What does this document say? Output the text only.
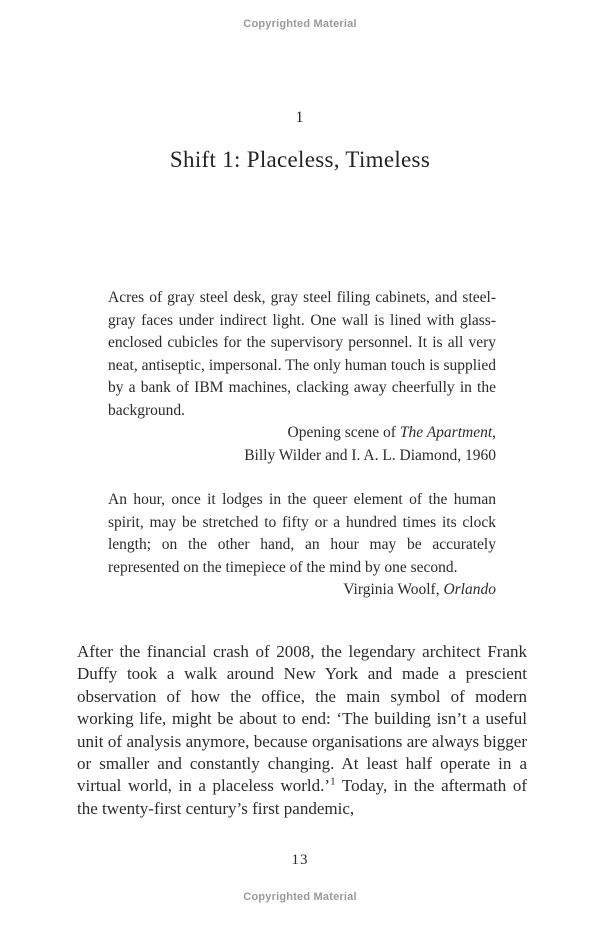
Copyrighted Material
1
Shift 1: Placeless, Timeless

Acres of gray steel desk, gray steel filing cabinets, and steel-gray faces under indirect light. One wall is lined with glass-enclosed cubicles for the supervisory personnel. It is all very neat, antiseptic, impersonal. The only human touch is supplied by a bank of IBM machines, clacking away cheerfully in the background.

Opening scene of The Apartment,

Billy Wilder and I. A. L. Diamond, 1960

An hour, once it lodges in the queer element of the human spirit, may be stretched to fifty or a hundred times its clock length; on the other hand, an hour may be accurately represented on the timepiece of the mind by one second.

Virginia Woolf, Orlando

After the financial crash of 2008, the legendary architect Frank Duffy took a walk around New York and made a prescient observation of how the office, the main symbol of modern working life, might be about to end: ‘The building isn’t a useful unit of analysis anymore, because organisations are always bigger or smaller and constantly changing. At least half operate in a virtual world, in a placeless world.’$^1$ Today, in the aftermath of the twenty-first century’s first pandemic,

13
Copyrighted Material
